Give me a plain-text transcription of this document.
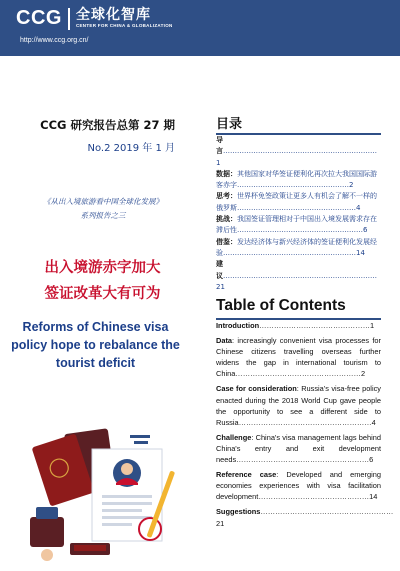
CCG 全球化智库
CENTER FOR CHINA & GLOBALIZATION
http://www.ccg.org.cn/
CCG 研究报告总第 27 期
No.2 2019 年 1 月
《从出入境旅游看中国全球化发展》
系列报告之三
出入境游赤字加大
签证改革大有可为
Reforms of Chinese visa policy hope to rebalance the tourist deficit
目录
导言…………………………………………………………1
数据：其他国家对华签证便利化再次拉大我国国际游客赤字…………………………………………2
思考：世界杯免签政策让更多人有机会了解不一样的俄罗斯……………………………………………4
挑战：我国签证管理相对于中国出入境发展需求存在滞后性………………………………………………6
借鉴：发达经济体与新兴经济体的签证便利化发展经验…………………………………………………14
建议…………………………………………………………21
Table of Contents
Introduction………………………………………1
Data: increasingly convenient visa processes for Chinese citizens travelling overseas further widens the gap in international tourism to China……………………………………………2
Case for consideration: Russia’s visa-free policy enacted during the 2018 World Cup gave people the opportunity to see a different side to Russia………………………………………………4
Challenge: China's visa management lags behind China's entry and exit development needs………………………………………………6
Reference case: Developed and emerging economies experiences with visa facilitation development………………………………………14
Suggestions………………………………………………21
